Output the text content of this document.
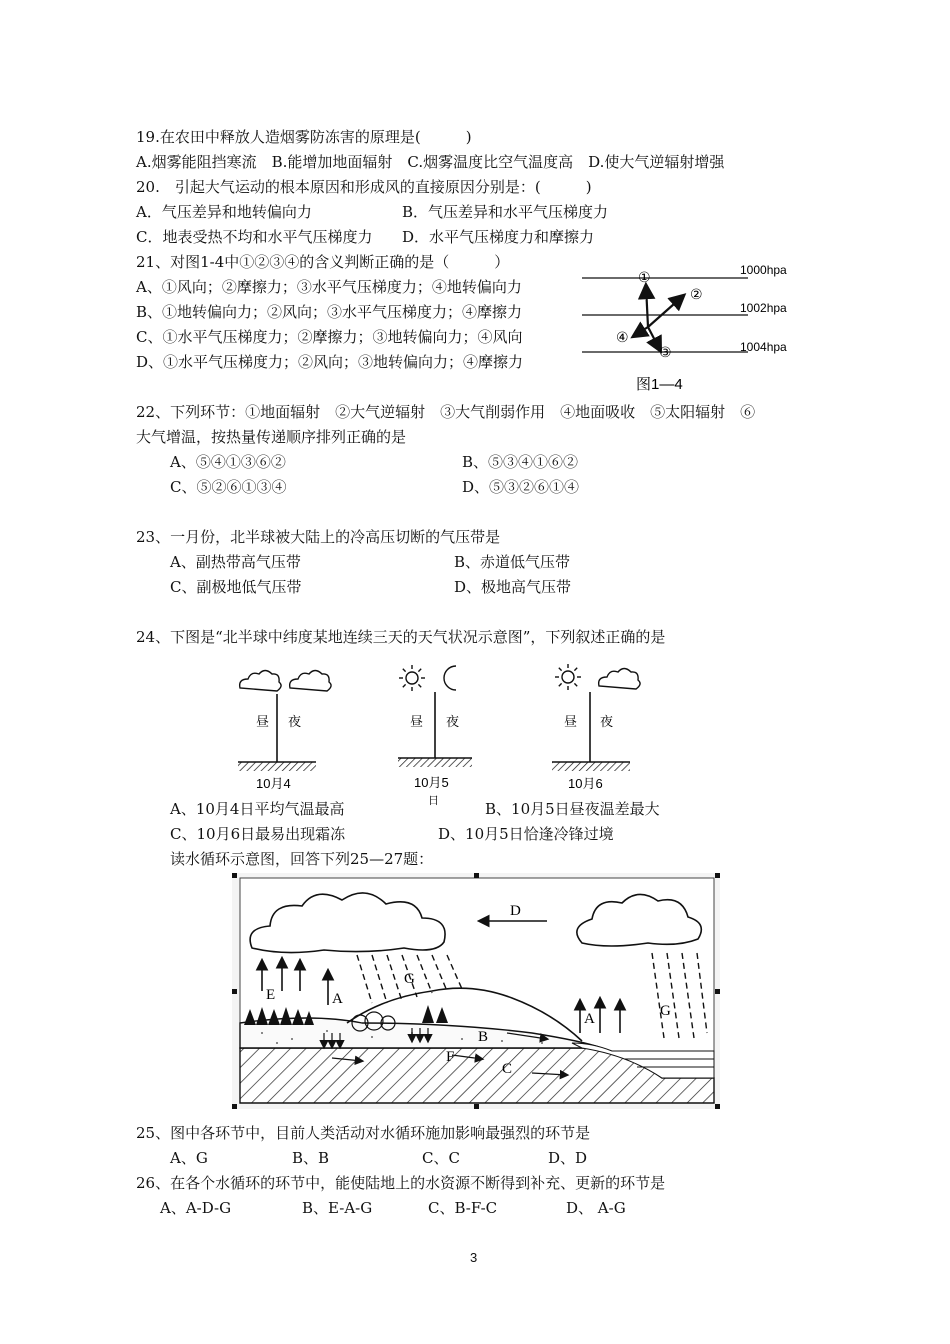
19.在农田中释放人造烟雾防冻害的原理是(　　　)
A.烟雾能阻挡寒流　B.能增加地面辐射　C.烟雾温度比空气温度高　D.使大气逆辐射增强
20.　引起大气运动的根本原因和形成风的直接原因分别是：(　　　)
A．气压差异和地转偏向力	B．气压差异和水平气压梯度力
C．地表受热不均和水平气压梯度力 D．水平气压梯度力和摩擦力
21、对图1-4中①②③④的含义判断正确的是（　　　）
A、①风向；②摩擦力；③水平气压梯度力；④地转偏向力
B、①地转偏向力；②风向；③水平气压梯度力；④摩擦力
C、①水平气压梯度力；②摩擦力；③地转偏向力；④风向
D、①水平气压梯度力；②风向；③地转偏向力；④摩擦力
①
②
④
③
1000hpa
1002hpa
1004hpa
图1—4
22、下列环节：①地面辐射　②大气逆辐射　③大气削弱作用　④地面吸收　⑤太阳辐射　⑥
大气增温，按热量传递顺序排列正确的是
A、⑤④①③⑥②	B、⑤③④①⑥②
C、⑤②⑥①③④	D、⑤③②⑥①④
23、一月份，北半球被大陆上的冷高压切断的气压带是
A、副热带高气压带	B、赤道低气压带
C、副极地低气压带	D、极地高气压带
24、下图是“北半球中纬度某地连续三天的天气状况示意图”，下列叙述正确的是
昼 夜
10月4
昼 夜
10月5
日
昼 夜
10月6
A、10月4日平均气温最高	B、10月5日昼夜温差最大
C、10月6日最易出现霜冻	D、10月5日恰逢冷锋过境
读水循环示意图，回答下列25—27题：
D
E	A
G
B
F
C
A	G
25、图中各环节中，目前人类活动对水循环施加影响最强烈的环节是
A、G	B、B	C、C	D、D
26、在各个水循环的环节中，能使陆地上的水资源不断得到补充、更新的环节是
A、A-D-G	B、E-A-G	C、B-F-C	D、 A-G
3
